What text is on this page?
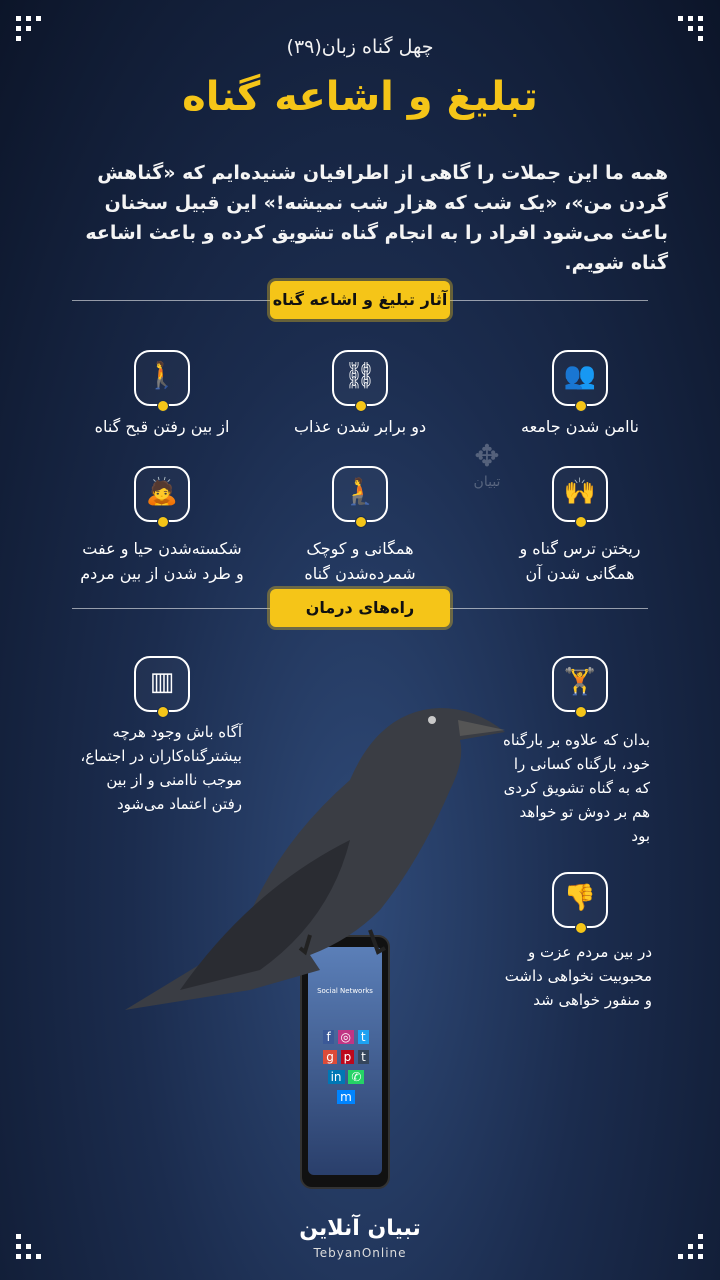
چهل گناه زبان(۳۹)
تبلیغ و اشاعه گناه
همه ما این جملات را گاهی از اطرافیان شنیده‌ایم که «گناهش گردن من»، «یک شب که هزار شب نمیشه!» این قبیل سخنان باعث می‌شود افراد را به انجام گناه تشویق کرده و باعث اشاعه گناه شویم.
آثار تبلیغ و اشاعه گناه
👥
ناامن شدن جامعه
⛓
دو برابر شدن عذاب
🚶
از بین رفتن قبح گناه
✥
تبیان	🙌
ریختن ترس گناه و همگانی شدن آن
🧎
همگانی و کوچک شمرده‌شدن گناه
🙇
شکسته‌شدن حیا و عفت و طرد شدن از بین مردم
راه‌های درمان
Social Networks
f ◎ t
g p t
in ✆ m
🏋
بدان که علاوه بر بارگناه خود، بارگناه کسانی را که به گناه تشویق کردی هم بر دوش تو خواهد بود
▥
آگاه باش وجود هرچه بیشترگناه‌کاران در اجتماع، موجب ناامنی و از بین رفتن اعتماد می‌شود
👎
در بین مردم عزت و محبوبیت نخواهی داشت و منفور خواهی شد
تبیان آنلاین
TebyanOnline
